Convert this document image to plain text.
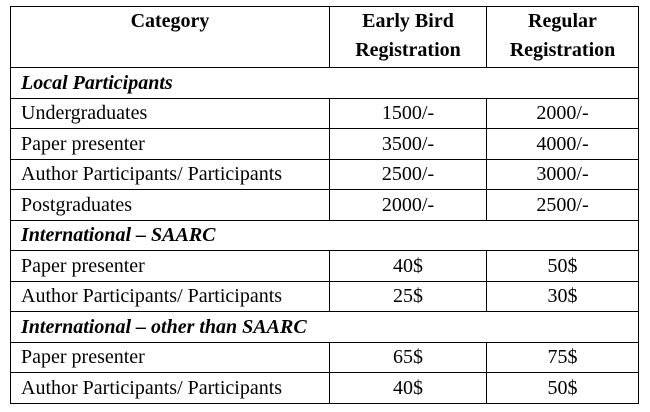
Category	Early Bird Registration	Regular Registration
Local Participants		
Undergraduates	1500/-	2000/-
Paper presenter	3500/-	4000/-
Author Participants/ Participants	2500/-	3000/-
Postgraduates	2000/-	2500/-
International – SAARC		
Paper presenter	40$	50$
Author Participants/ Participants	25$	30$
International – other than SAARC		
Paper presenter	65$	75$
Author Participants/ Participants	40$	50$
